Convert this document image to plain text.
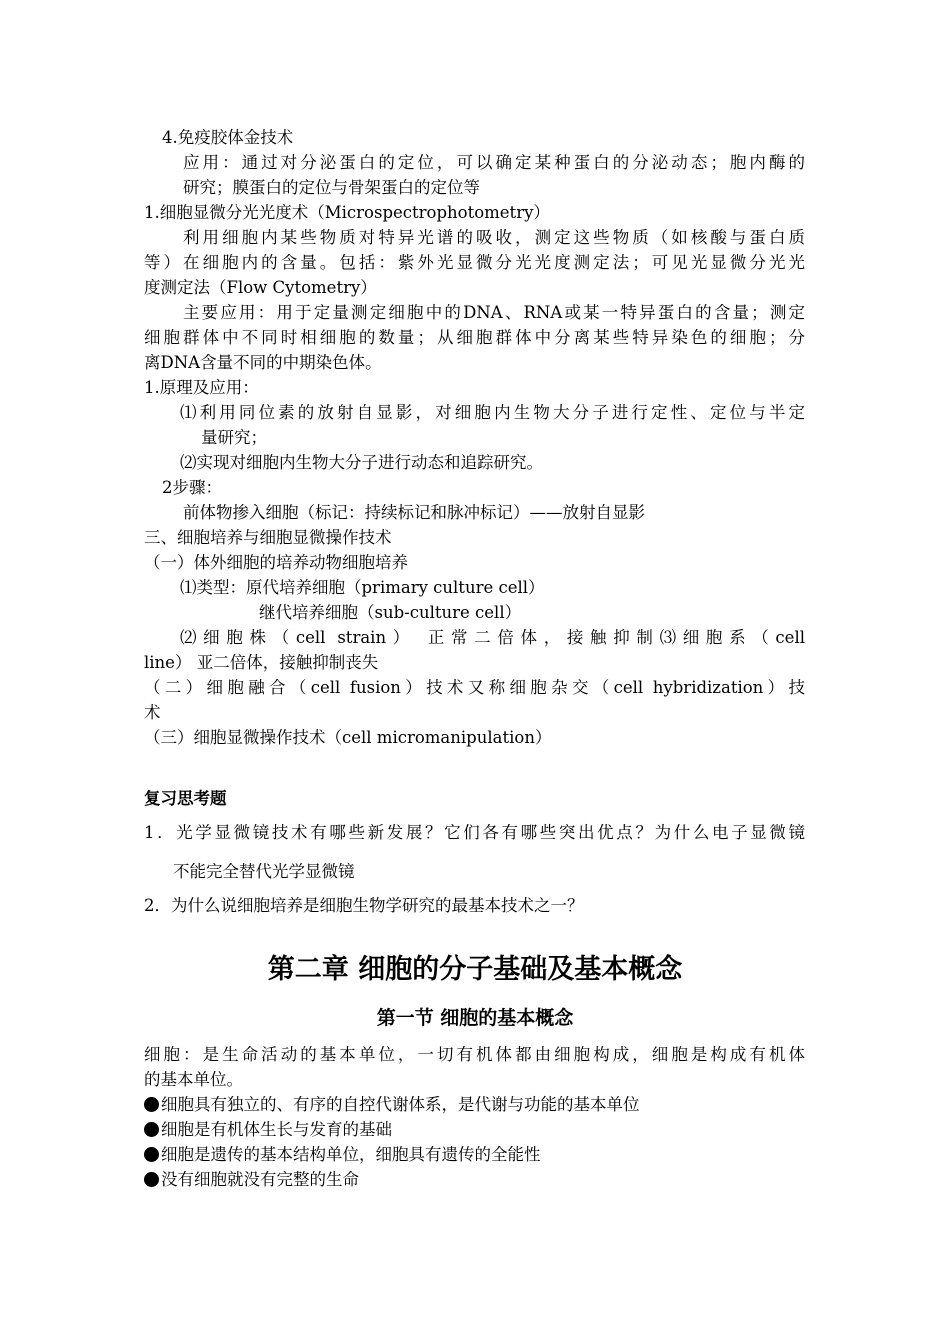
4.免疫胶体金技术
应用：通过对分泌蛋白的定位，可以确定某种蛋白的分泌动态；胞内酶的
研究；膜蛋白的定位与骨架蛋白的定位等
1.细胞显微分光光度术（Microspectrophotometry）
利用细胞内某些物质对特异光谱的吸收，测定这些物质（如核酸与蛋白质
等）在细胞内的含量。包括：紫外光显微分光光度测定法；可见光显微分光光
度测定法（Flow Cytometry）
主要应用：用于定量测定细胞中的DNA、RNA或某一特异蛋白的含量；测定
细胞群体中不同时相细胞的数量；从细胞群体中分离某些特异染色的细胞；分
离DNA含量不同的中期染色体。
1.原理及应用：
⑴利用同位素的放射自显影，对细胞内生物大分子进行定性、定位与半定
量研究；
⑵实现对细胞内生物大分子进行动态和追踪研究。
2步骤：
前体物掺入细胞（标记：持续标记和脉冲标记）——放射自显影
三、细胞培养与细胞显微操作技术
（一）体外细胞的培养动物细胞培养
⑴类型：原代培养细胞（primary culture cell）
继代培养细胞（sub-culture cell）
⑵细胞株（cell strain） 正常二倍体，接触抑制⑶细胞系（cell
line） 亚二倍体，接触抑制丧失
（二）细胞融合（cell fusion）技术又称细胞杂交（cell hybridization）技
术
（三）细胞显微操作技术（cell micromanipulation）
复习思考题
1．光学显微镜技术有哪些新发展？它们各有哪些突出优点？为什么电子显微镜
不能完全替代光学显微镜
2．为什么说细胞培养是细胞生物学研究的最基本技术之一？
第二章 细胞的分子基础及基本概念
第一节 细胞的基本概念
细胞：是生命活动的基本单位，一切有机体都由细胞构成，细胞是构成有机体
的基本单位。
细胞具有独立的、有序的自控代谢体系，是代谢与功能的基本单位
细胞是有机体生长与发育的基础
细胞是遗传的基本结构单位，细胞具有遗传的全能性
没有细胞就没有完整的生命
